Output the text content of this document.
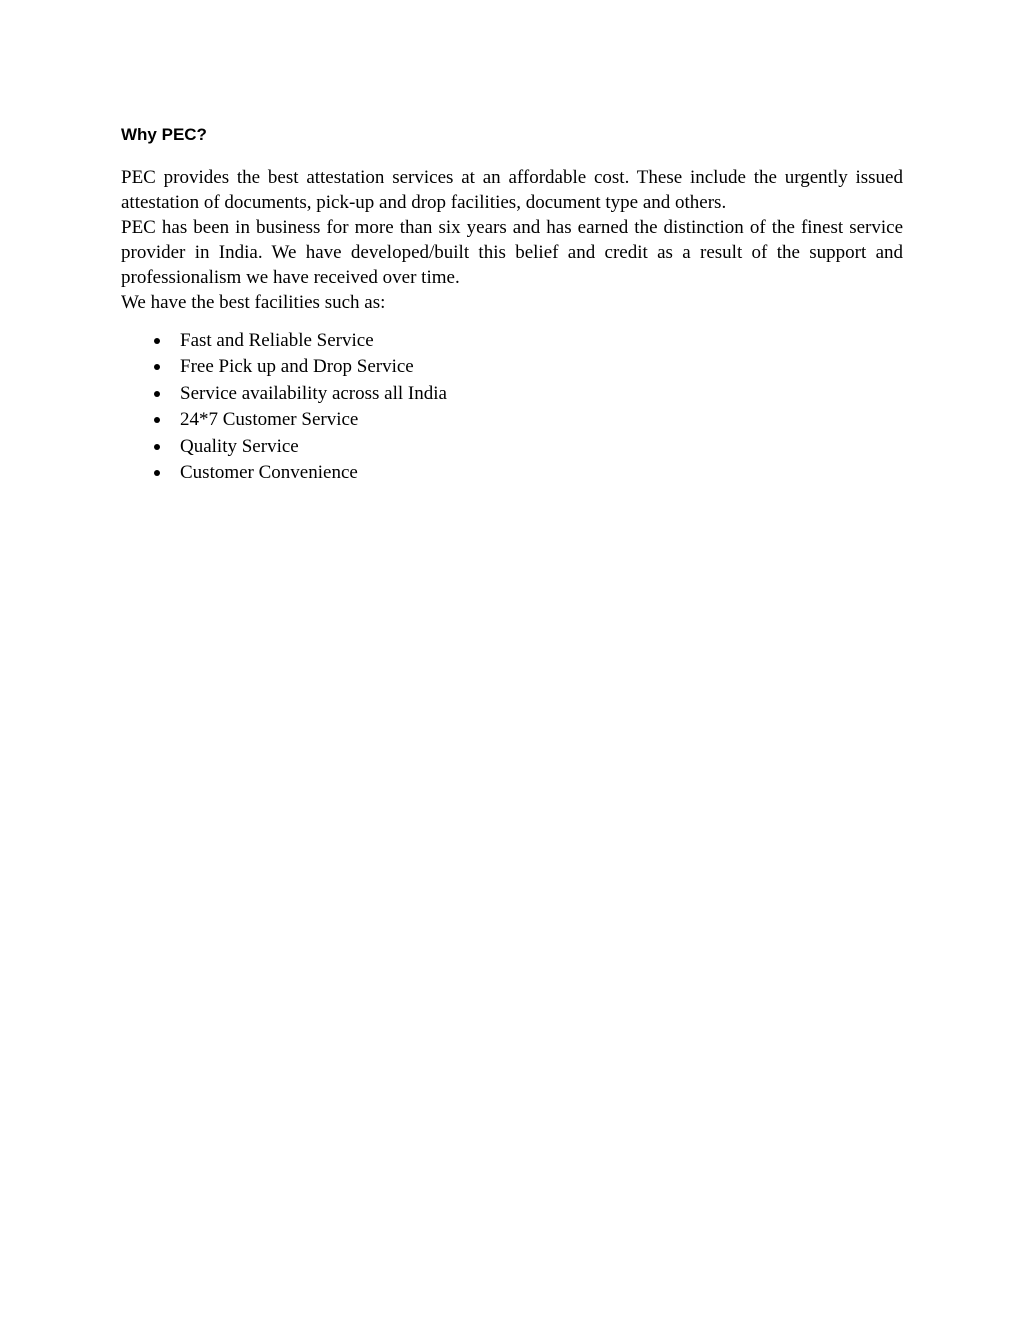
Why PEC?

PEC provides the best attestation services at an affordable cost. These include the urgently issued attestation of documents, pick-up and drop facilities, document type and others.

PEC has been in business for more than six years and has earned the distinction of the finest service provider in India. We have developed/built this belief and credit as a result of the support and professionalism we have received over time.

We have the best facilities such as:

Fast and Reliable Service
Free Pick up and Drop Service
Service availability across all India
24*7 Customer Service
Quality Service
Customer Convenience
